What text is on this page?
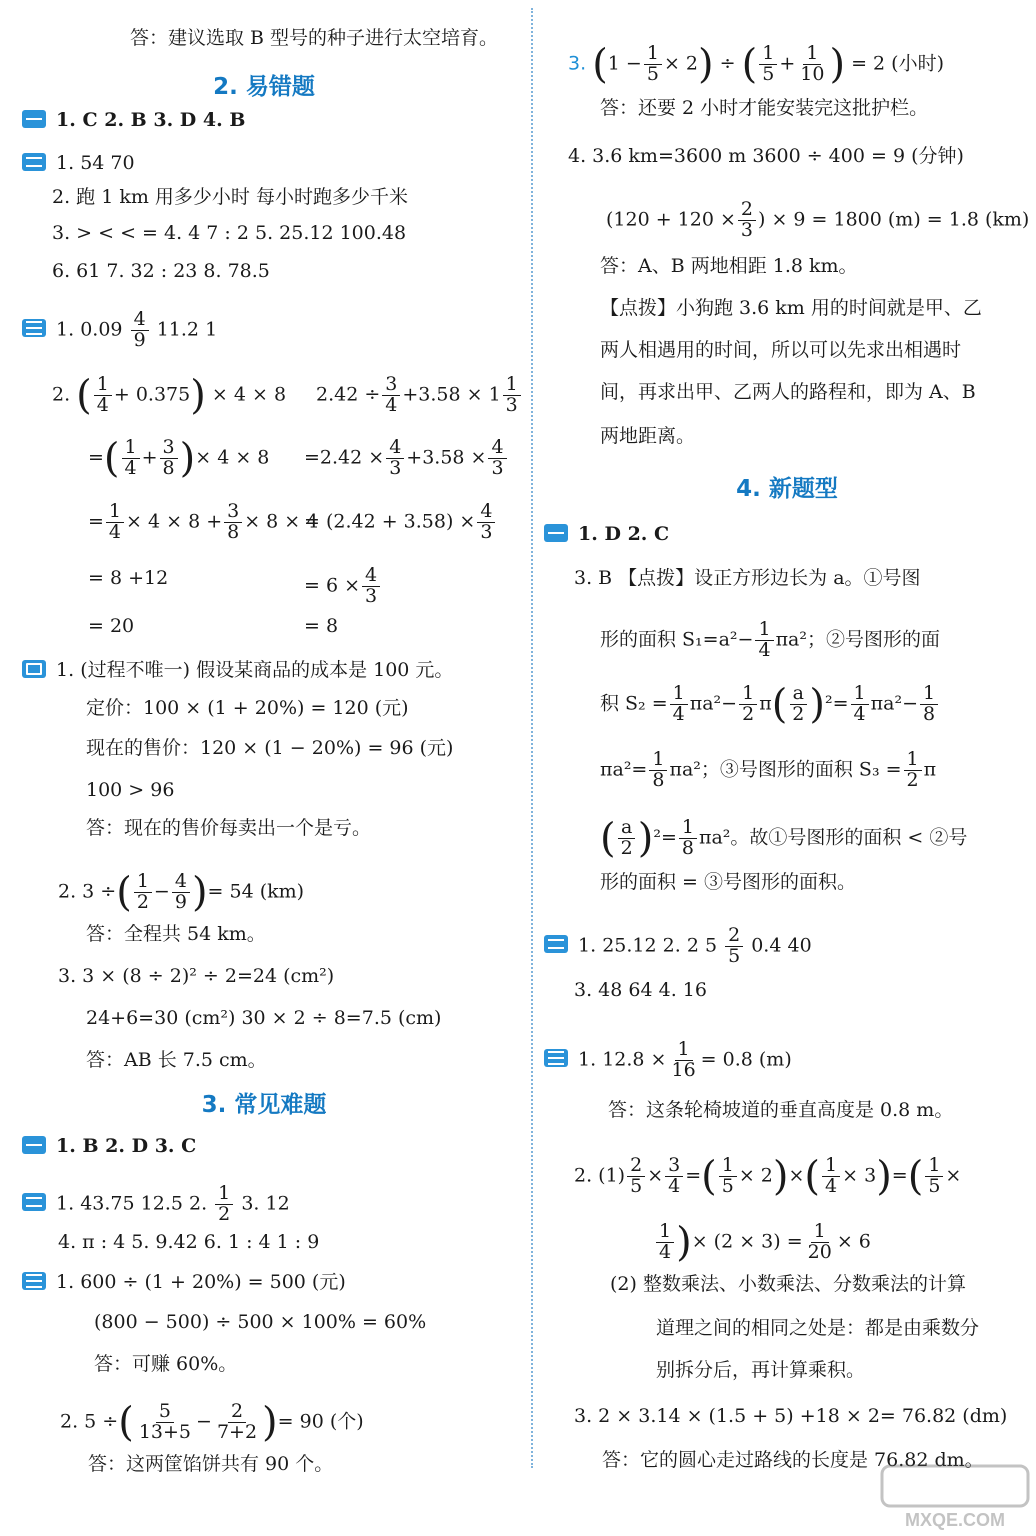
答：建议选取 B 型号的种子进行太空培育。
2. 易错题
1. C 2. B 3. D 4. B
1. 54 70
2. 跑 1 km 用多少小时 每小时跑多少千米
3. > < < = 4. 4 7 : 2 5. 25.12 100.48
6. 61 7. 32 : 23 8. 78.5
1. $0.09 \frac{4}{9} 11.2$ 1
2. ( $\frac{1}{4} + 0.375) \times 4 \times 8$ $2.42 \div \frac{3}{4} +3.58 \times 1 \frac{1}{3}$
=( $\frac{1}{4} + \frac{3}{8}$ )× $4 \times 8 =2.42 \times \frac{4}{3} +3.58 \times \frac{4}{3}$
= $\frac{1}{4} \times 4 \times 8 + \frac{3}{8} \times 8 \times 4$
= $(2.42 + 3.58) \times \frac{4}{3}$
= 8 +12	= $6 \times \frac{4}{3}$
= 20	= 8
1. (过程不唯一) 假设某商品的成本是 100 元。
定价：100 × (1 + 20%) = 120 (元)
现在的售价：120 × (1 − 20%) = 96 (元)
100 > 96
答：现在的售价每卖出一个是亏。
2. 3 ÷( $\frac{1}{2} - \frac{4}{9}$ )= 54 (km)
答：全程共 54 km。
3. 3 × (8 ÷ 2)² ÷ 2=24 (cm²)
24+6=30 (cm²) 30 × 2 ÷ 8=7.5 (cm)
答：AB 长 7.5 cm。
3. 常见难题
1. B 2. D 3. C
1. 43.75 12.5 2. $\frac{1}{2} 3$. 12
4. π : 4 5. 9.42 6. 1 : 4 1 : 9
1. 600 ÷ (1 + 20%) = 500 (元)
(800 − 500) ÷ 500 × 100% = 60%
答：可赚 60%。
2. 5 ÷( $\frac{5}{13+5} - \frac{2}{7+2}$ )= 90 (个)
答：这两筐馅饼共有 90 个。
3. $(1 - \frac{1}{5} \times 2)$ ÷ ( $\frac{1}{5} + \frac{1}{10}$ ) = 2 (小时)
答：还要 2 小时才能安装完这批护栏。
4. 3.6 km=3600 m 3600 ÷ 400 = 9 (分钟)
($120 + 120 \times \frac{2}{3}$ ) × 9 = 1800 (m) = 1.8 (km)
答：A、B 两地相距 1.8 km。
【点拨】小狗跑 3.6 km 用的时间就是甲、乙
两人相遇用的时间，所以可以先求出相遇时
间，再求出甲、乙两人的路程和，即为 A、B
两地距离。
4. 新题型
1. D 2. C
3. B 【点拨】设正方形边长为 a。①号图
形的面积 $S_1=a^2- \frac{1}{4} \pi a^2$；②号图形的面
积 $S_2 = \frac{1}{4} \pi a^2- \frac{1}{2} \pi( \frac{a}{2} )^2= \frac{1}{4} \pi a^2- \frac{1}{8}$
$\pi a^2= \frac{1}{8} \pi a^2$；③号图形的面积 $S_3 = \frac{1}{2}$ π
( $\frac{a}{2} )^2= \frac{1}{8} \pi a^2$。故①号图形的面积 < ②号
形的面积 = ③号图形的面积。
1. 25.12 2. 2 $5 \frac{2}{5} 0.4$ 40
3. 48 64 4. 16
1. $12.8 \times \frac{1}{16} = 0.8$ (m)
答：这条轮椅坡道的垂直高度是 0.8 m。
2. $(1) \frac{2}{5} \times \frac{3}{4}$ =( $\frac{1}{5} \times 2)\times( \frac{1}{4} \times 3)=( \frac{1}{5}$ ×
$\frac{1}{4}$ )× $(2 \times 3) = \frac{1}{20} \times 6$
(2) 整数乘法、小数乘法、分数乘法的计算
道理之间的相同之处是：都是由乘数分
别拆分后，再计算乘积。
3. 2 × 3.14 × (1.5 + 5) +18 × 2= 76.82 (dm)
答：它的圆心走过路线的长度是 76.82 dm。
MXQE.COM
